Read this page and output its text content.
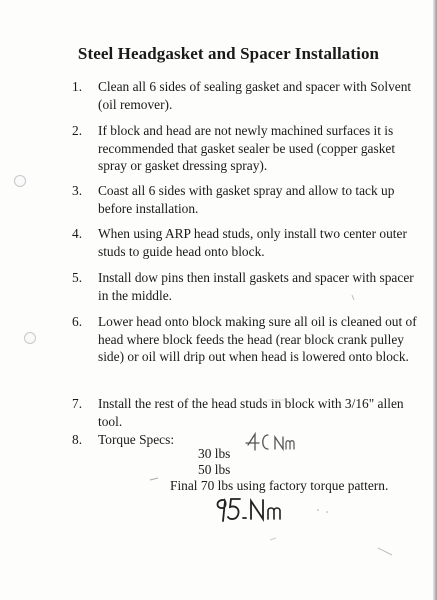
Steel Headgasket and Spacer Installation
1.	Clean all 6 sides of sealing gasket and spacer with Solvent (oil remover).
2.	If block and head are not newly machined surfaces it is recommended that gasket sealer be used (copper gasket spray or gasket dressing spray).
3.	Coast all 6 sides with gasket spray and allow to tack up before installation.
4.	When using ARP head studs, only install two center outer studs to guide head onto block.
5.	Install dow pins then install gaskets and spacer with spacer in the middle.
6.	Lower head onto block making sure all oil is cleaned out of head where block feeds the head (rear block crank pulley side) or oil will drip out when head is lowered onto block.
7.	Install the rest of the head studs in block with 3/16" allen tool.
8.	Torque Specs:
30 lbs
50 lbs
Final 70 lbs using factory torque pattern.
